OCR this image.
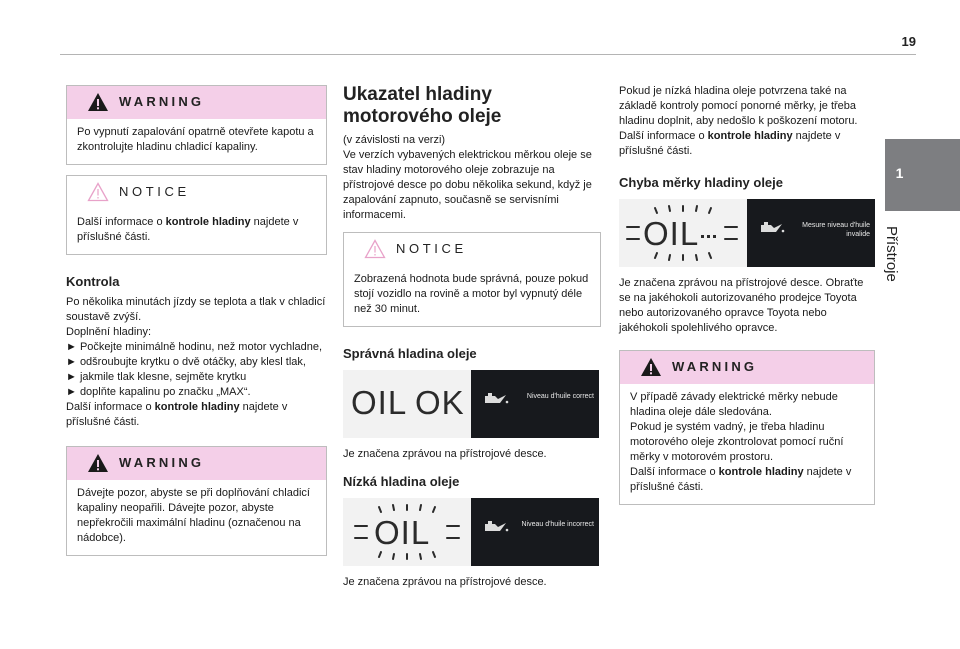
19
1
Přístroje
WARNING
Po vypnutí zapalování opatrně otevřete kapotu a zkontrolujte hladinu chladicí kapaliny.
NOTICE
Další informace o kontrole hladiny najdete v příslušné části.
Kontrola

Po několika minutách jízdy se teplota a tlak v chladicí soustavě zvýší.

Doplnění hladiny:

► Počkejte minimálně hodinu, než motor vychladne,

► odšroubujte krytku o dvě otáčky, aby klesl tlak,

► jakmile tlak klesne, sejměte krytku

► doplňte kapalinu po značku „MAX“.

Další informace o kontrole hladiny najdete v příslušné části.

WARNING
Dávejte pozor, abyste se při doplňování chladicí kapaliny neopařili. Dávejte pozor, abyste nepřekročili maximální hladinu (označenou na nádobce).
Ukazatel hladiny
motorového oleje

(v závislosti na verzi)
Ve verzích vybavených elektrickou měrkou oleje se stav hladiny motorového oleje zobrazuje na přístrojové desce po dobu několika sekund, když je zapalování zapnuto, současně se servisními informacemi.

NOTICE
Zobrazená hodnota bude správná, pouze pokud stojí vozidlo na rovině a motor byl vypnutý déle než 30 minut.
Správná hladina oleje
OIL OK	Niveau d'huile correct

Je značena zprávou na přístrojové desce.

Nízká hladina oleje
OIL	Niveau d'huile incorrect

Je značena zprávou na přístrojové desce.

Pokud je nízká hladina oleje potvrzena také na základě kontroly pomocí ponorné měrky, je třeba hladinu doplnit, aby nedošlo k poškození motoru.

Další informace o kontrole hladiny najdete v příslušné části.

Chyba měrky hladiny oleje
OIL	Mesure niveau d'huile invalide

Je značena zprávou na přístrojové desce. Obraťte se na jakéhokoli autorizovaného prodejce Toyota nebo autorizovaného opravce Toyota nebo jakéhokoli spolehlivého opravce.

WARNING
V případě závady elektrické měrky nebude hladina oleje dále sledována.
Pokud je systém vadný, je třeba hladinu motorového oleje zkontrolovat pomocí ruční měrky v motorovém prostoru.
Další informace o kontrole hladiny najdete v příslušné části.
